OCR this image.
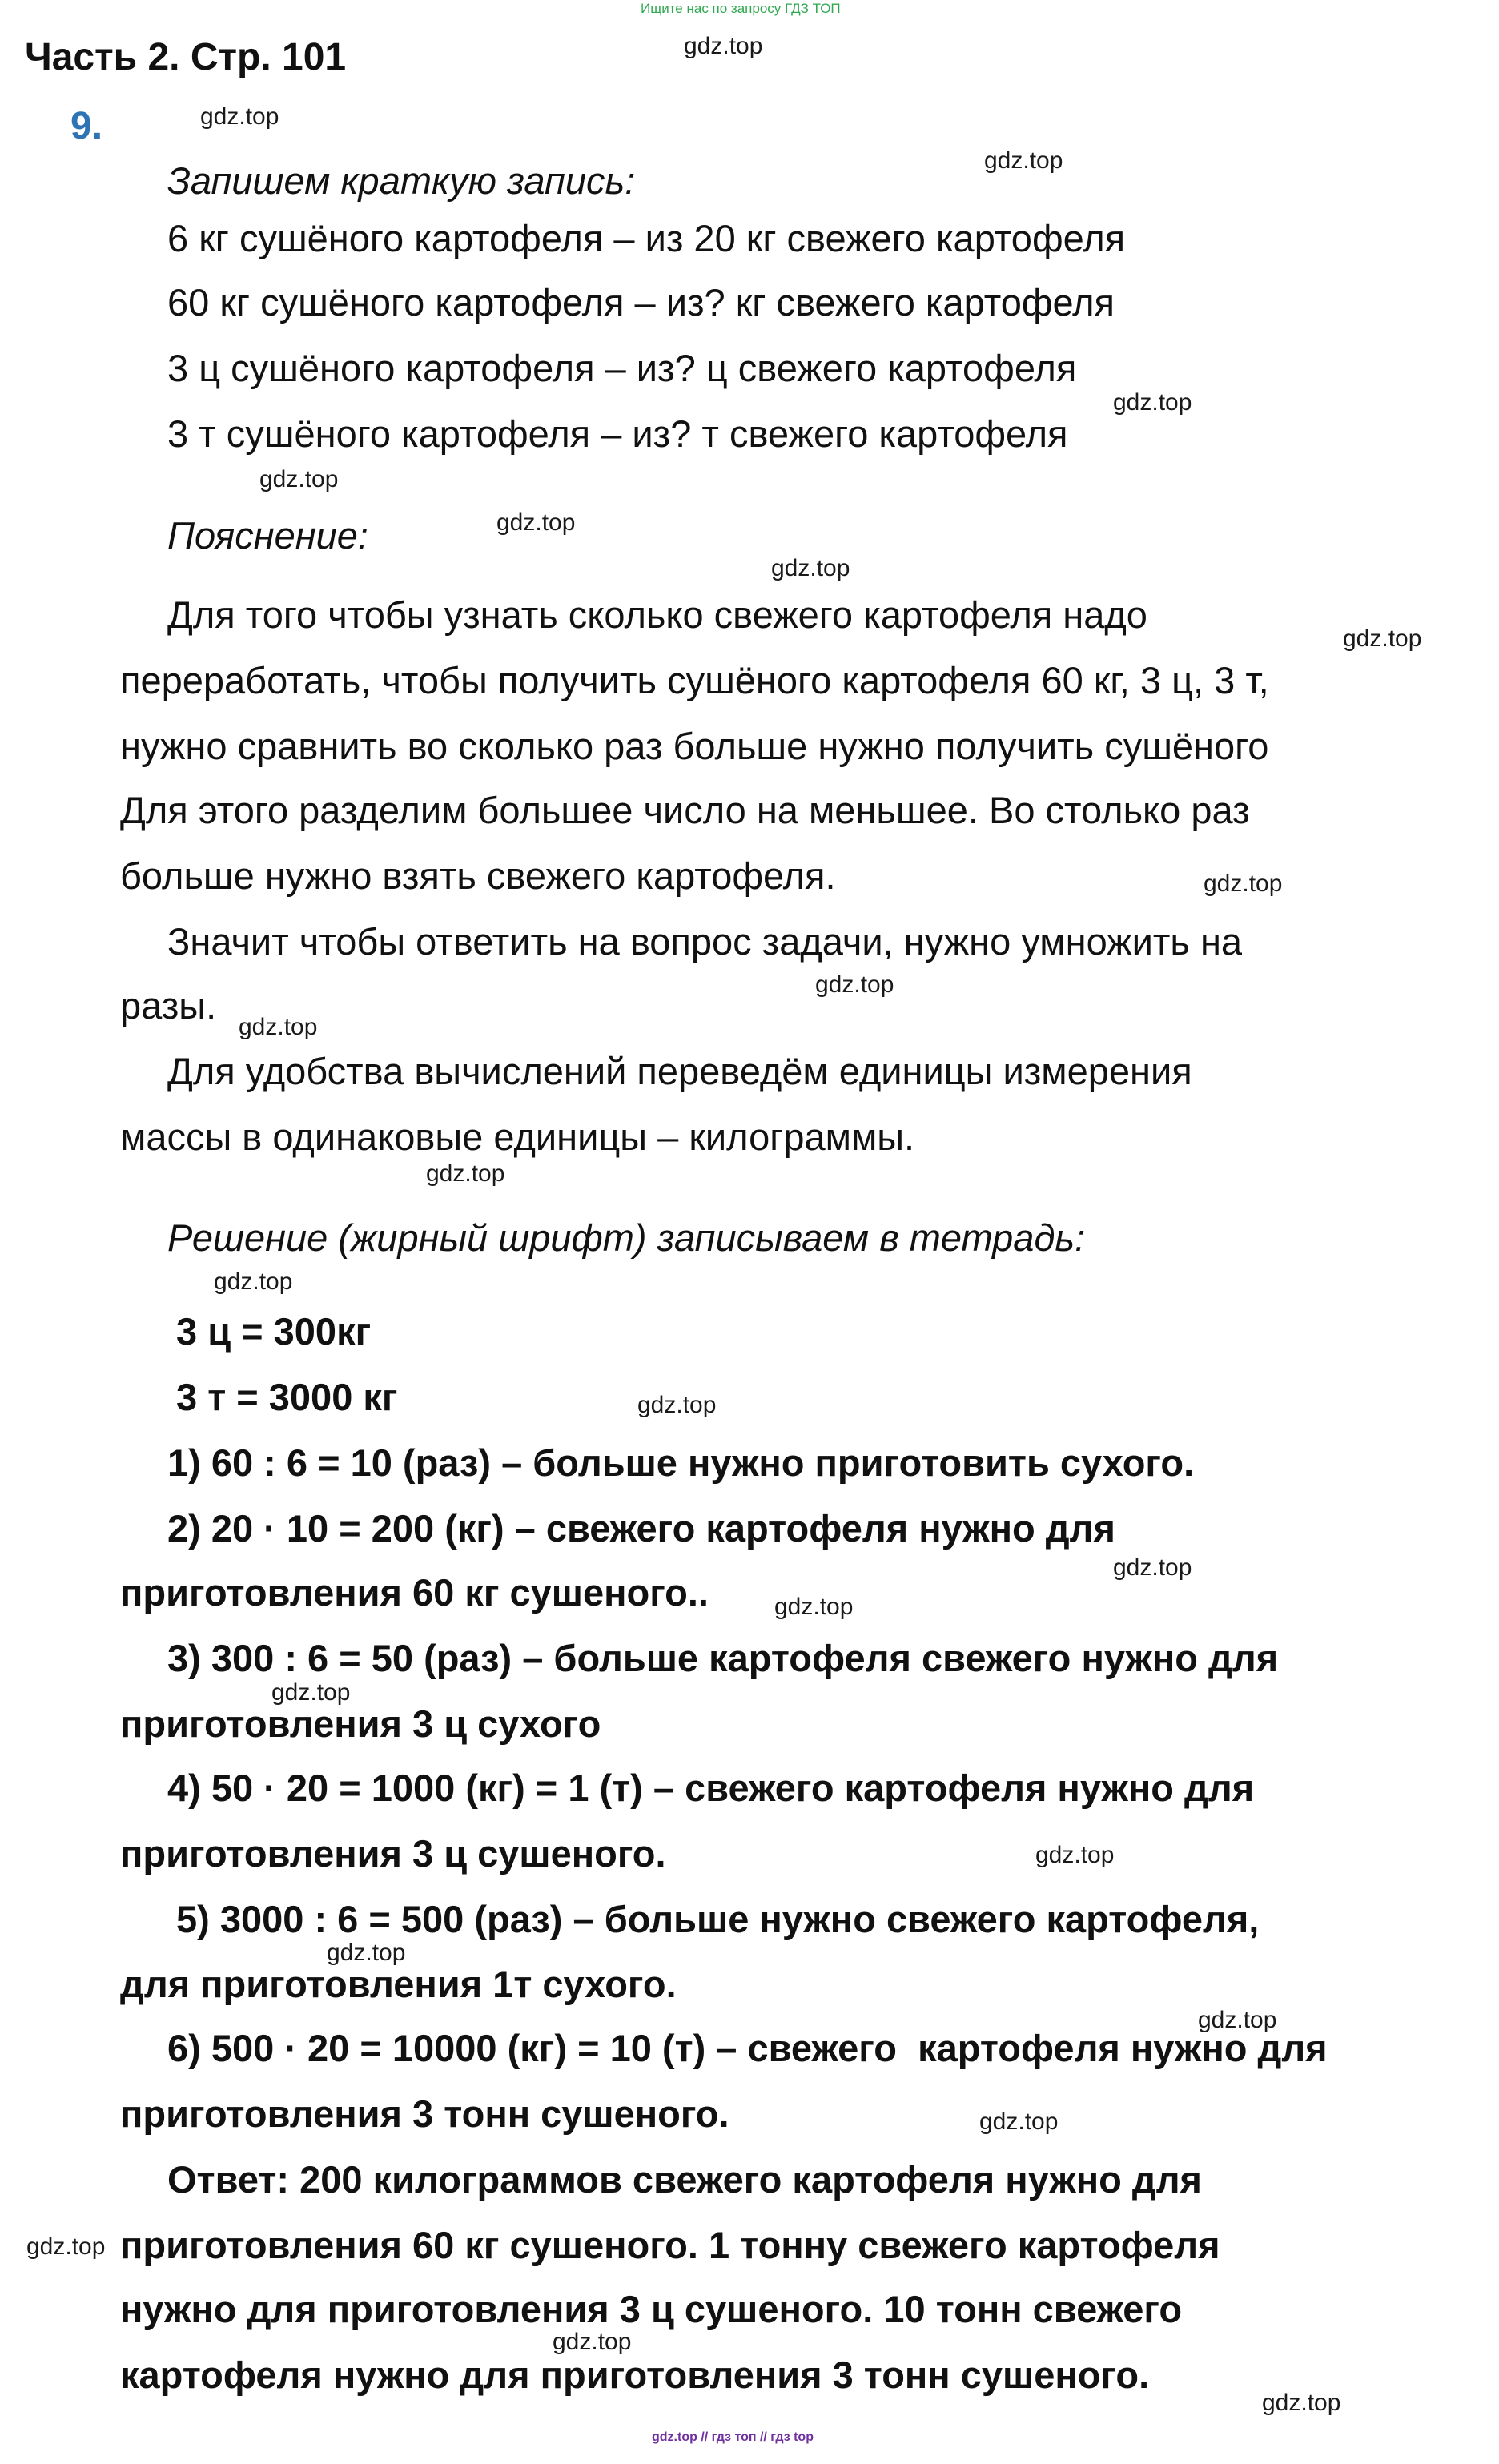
Ищите нас по запросу ГДЗ ТОП
Часть 2. Стр. 101
9.
Запишем краткую запись:
6 кг сушёного картофеля – из 20 кг свежего картофеля
60 кг сушёного картофеля – из? кг свежего картофеля
3 ц сушёного картофеля – из? ц свежего картофеля
3 т сушёного картофеля – из? т свежего картофеля
Пояснение:
Для того чтобы узнать сколько свежего картофеля надо
переработать, чтобы получить сушёного картофеля 60 кг, 3 ц, 3 т,
нужно сравнить во сколько раз больше нужно получить сушёного
Для этого разделим большее число на меньшее. Во столько раз
больше нужно взять свежего картофеля.
Значит чтобы ответить на вопрос задачи, нужно умножить на
разы.
Для удобства вычислений переведём единицы измерения
массы в одинаковые единицы – килограммы.
Решение (жирный шрифт) записываем в тетрадь:
3 ц = 300кг
3 т = 3000 кг
1) 60 : 6 = 10 (раз) – больше нужно приготовить сухого.
2) 20 · 10 = 200 (кг) – свежего картофеля нужно для
приготовления 60 кг сушеного..
3) 300 : 6 = 50 (раз) – больше картофеля свежего нужно для
приготовления 3 ц сухого
4) 50 · 20 = 1000 (кг) = 1 (т) – свежего картофеля нужно для
приготовления 3 ц сушеного.
5) 3000 : 6 = 500 (раз) – больше нужно свежего картофеля,
для приготовления 1т сухого.
6) 500 · 20 = 10000 (кг) = 10 (т) – свежего  картофеля нужно для
приготовления 3 тонн сушеного.
Ответ: 200 килограммов свежего картофеля нужно для
приготовления 60 кг сушеного. 1 тонну свежего картофеля
нужно для приготовления 3 ц сушеного. 10 тонн свежего
картофеля нужно для приготовления 3 тонн сушеного.
gdz.top
gdz.top
gdz.top
gdz.top
gdz.top
gdz.top
gdz.top
gdz.top
gdz.top
gdz.top
gdz.top
gdz.top
gdz.top
gdz.top
gdz.top
gdz.top
gdz.top
gdz.top
gdz.top
gdz.top
gdz.top
gdz.top
gdz.top
gdz.top
gdz.top // гдз топ // гдз top
